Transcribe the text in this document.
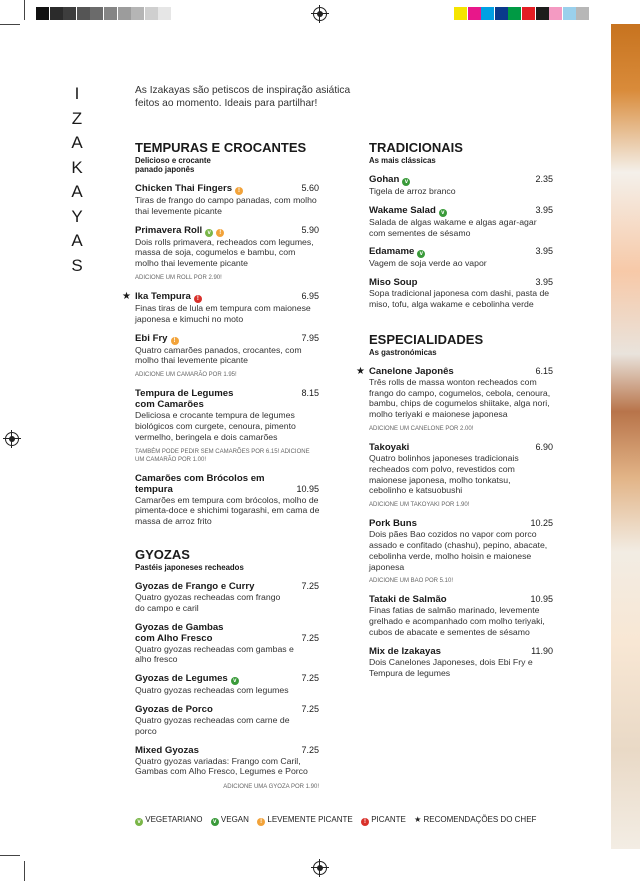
I
Z
A
K
A
Y
A
S
As Izakayas são petiscos de inspiração asiática feitos ao momento. Ideais para partilhar!
TEMPURAS E CROCANTES
Delicioso e crocante
panado japonês
Chicken Thai Fingers !	5.60
Tiras de frango do campo panadas, com molho thai levemente picante
Primavera Roll v !	5.90
Dois rolls primavera, recheados com legumes, massa de soja, cogumelos e bambu, com molho thai levemente picante
ADICIONE UM ROLL POR 2.90!
★ Ika Tempura !	6.95
Finas tiras de lula em tempura com maionese japonesa e kimuchi no moto
Ebi Fry !	7.95
Quatro camarões panados, crocantes, com molho thai levemente picante
ADICIONE UM CAMARÃO POR 1.95!
Tempura de Legumes com Camarões
8.15
Deliciosa e crocante tempura de legumes biológicos com curgete, cenoura, pimento vermelho, beringela e dois camarões
TAMBÉM PODE PEDIR SEM CAMARÕES POR 6.15! ADICIONE UM CAMARÃO POR 1.00!
Camarões com Brócolos em tempura	10.95
Camarões em tempura com brócolos, molho de pimenta-doce e shichimi togarashi, em cama de massa de arroz frito
GYOZAS
Pastéis japoneses recheados
Gyozas de Frango e Curry	7.25
Quatro gyozas recheadas com frango do campo e caril
Gyozas de Gambas com Alho Fresco	7.25
Quatro gyozas recheadas com gambas e alho fresco
Gyozas de Legumes v	7.25
Quatro gyozas recheadas com legumes
Gyozas de Porco	7.25
Quatro gyozas recheadas com carne de porco
Mixed Gyozas	7.25
Quatro gyozas variadas: Frango com Caril, Gambas com Alho Fresco, Legumes e Porco
ADICIONE UMA GYOZA POR 1.90!
TRADICIONAIS
As mais clássicas
Gohan v	2.35
Tigela de arroz branco
Wakame Salad v	3.95
Salada de algas wakame e algas agar-agar com sementes de sésamo
Edamame v	3.95
Vagem de soja verde ao vapor
Miso Soup	3.95
Sopa tradicional japonesa com dashi, pasta de miso, tofu, alga wakame e cebolinha verde
ESPECIALIDADES
As gastronómicas
★ Canelone Japonês	6.15
Três rolls de massa wonton recheados com frango do campo, cogumelos, cebola, cenoura, bambu, chips de cogumelos shiitake, alga nori, molho teriyaki e maionese japonesa
ADICIONE UM CANELONE POR 2.00!
Takoyaki	6.90
Quatro bolinhos japoneses tradicionais recheados com polvo, revestidos com maionese japonesa, molho tonkatsu, cebolinho e katsuobushi
ADICIONE UM TAKOYAKI POR 1.90!
Pork Buns	10.25
Dois pães Bao cozidos no vapor com porco assado e confitado (chashu), pepino, abacate, cebolinha verde, molho hoisin e maionese japonesa
ADICIONE UM BAO POR 5.10!
Tataki de Salmão	10.95
Finas fatias de salmão marinado, levemente grelhado e acompanhado com molho teriyaki, cubos de abacate e sementes de sésamo
Mix de Izakayas	11.90
Dois Canelones Japoneses, dois Ebi Fry e Tempura de legumes
v VEGETARIANO v VEGAN ! LEVEMENTE PICANTE ! PICANTE ★ RECOMENDAÇÕES DO CHEF
